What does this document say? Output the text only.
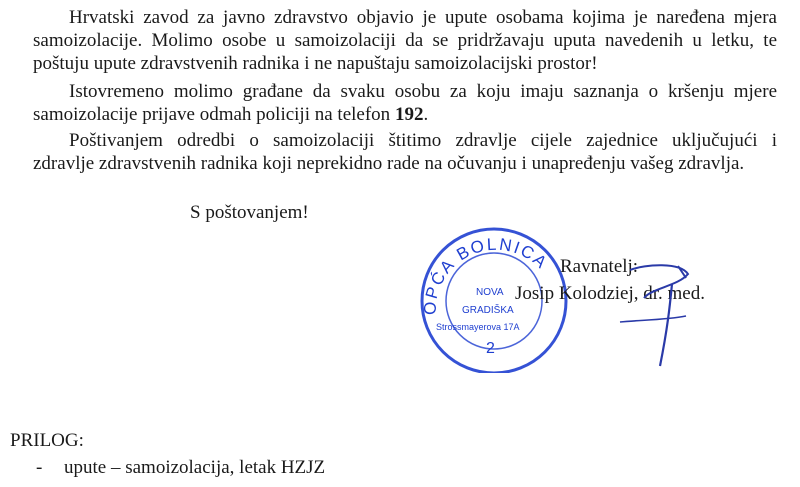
Hrvatski zavod za javno zdravstvo objavio je upute osobama kojima je naređena mjera
samoizolacije. Molimo osobe u samoizolaciji da se pridržavaju uputa navedenih u letku, te
poštuju upute zdravstvenih radnika i ne napuštaju samoizolacijski prostor!

Istovremeno molimo građane da svaku osobu za koju imaju saznanja o kršenju mjere
samoizolacije prijave odmah policiji na telefon 192.

Poštivanjem odredbi o samoizolaciji štitimo zdravlje cijele zajednice uključujući i
zdravlje zdravstvenih radnika koji neprekidno rade na očuvanju i unapređenju vašeg zdravlja.

S poštovanjem!

OPĆA BOLNICA
NOVA
GRADIŠKA
Strossmayerova 17A
2

Ravnatelj:

Josip Kolodziej, dr. med.

PRILOG:

- upute – samoizolacija, letak HZJZ
